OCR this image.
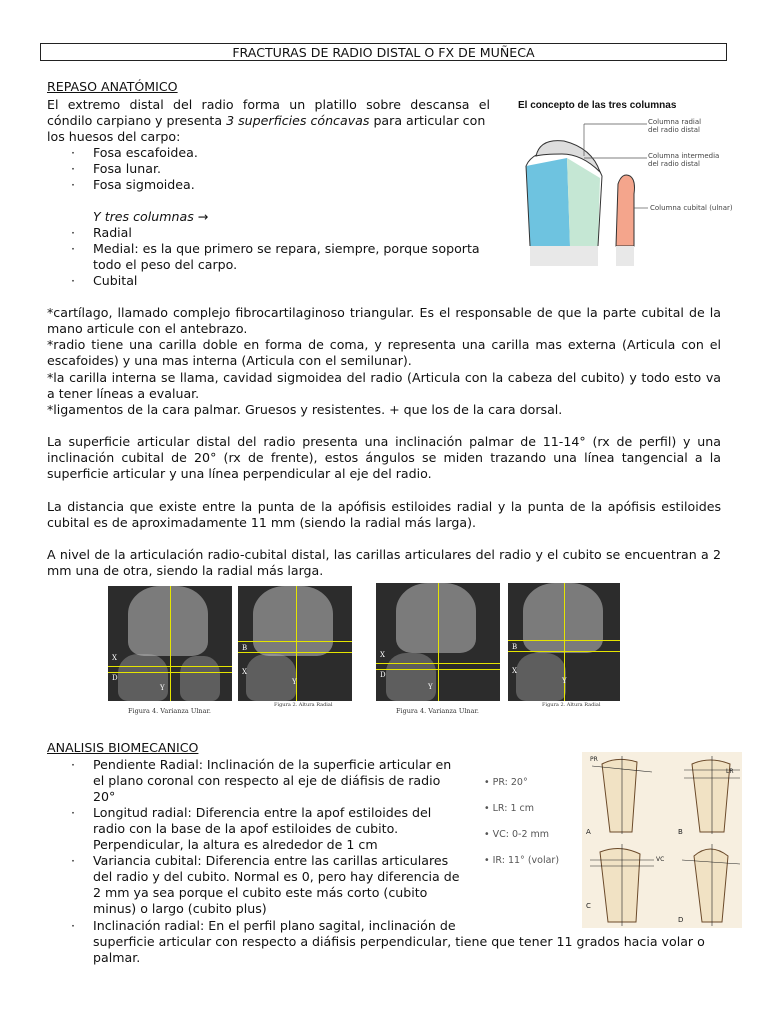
FRACTURAS DE RADIO DISTAL O FX DE MUÑECA
REPASO ANATÓMICO
El extremo distal del radio forma un platillo sobre descansa el
cóndilo carpiano y presenta 3 superficies cóncavas para articular con
los huesos del carpo:
· Fosa escafoidea.
· Fosa lunar.
· Fosa sigmoidea.
Y tres columnas →
· Radial
· Medial: es la que primero se repara, siempre, porque soporta
todo el peso del carpo.
· Cubital
El concepto de las tres columnas
Columna radial
del radio distal
Columna intermedia
del radio distal
Columna cubital (ulnar)
*cartílago, llamado complejo fibrocartilaginoso triangular. Es el responsable de que la parte cubital de la mano articule con el antebrazo.
*radio tiene una carilla doble en forma de coma, y representa una carilla mas externa (Articula con el escafoides) y una mas interna (Articula con el semilunar).
*la carilla interna se llama, cavidad sigmoidea del radio (Articula con la cabeza del cubito) y todo esto va a tener líneas a evaluar.
*ligamentos de la cara palmar. Gruesos y resistentes. + que los de la cara dorsal.
La superficie articular distal del radio presenta una inclinación palmar de 11-14° (rx de perfil) y una inclinación cubital de 20° (rx de frente), estos ángulos se miden trazando una línea tangencial a la superficie articular y una línea perpendicular al eje del radio.
La distancia que existe entre la punta de la apófisis estiloides radial y la punta de la apófisis estiloides cubital es de aproximadamente 11 mm (siendo la radial más larga).
A nivel de la articulación radio-cubital distal, las carillas articulares del radio y el cubito se encuentran a 2 mm una de otra, siendo la radial más larga.
X
D
Y
B
X
Y
X
D
Y
B
X
Y
Figura 4. Varianza Ulnar.
Figura 2. Altura Radial
Figura 4. Varianza Ulnar.
Figura 2. Altura Radial
ANALISIS BIOMECANICO
· Pendiente Radial: Inclinación de la superficie articular en
el plano coronal con respecto al eje de diáfisis de radio
20°
· Longitud radial: Diferencia entre la apof estiloides del
radio con la base de la apof estiloides de cubito.
Perpendicular, la altura es alrededor de 1 cm
· Variancia cubital: Diferencia entre las carillas articulares
del radio y del cubito. Normal es 0, pero hay diferencia de
2 mm ya sea porque el cubito este más corto (cubito
minus) o largo (cubito plus)
· Inclinación radial: En el perfil plano sagital, inclinación de
superficie articular con respecto a diáfisis perpendicular, tiene que tener 11 grados hacia volar o
palmar.
• PR: 20°
• LR: 1 cm
• VC: 0-2 mm
• IR: 11° (volar)
PR
LR
VC
A	B
C
D
